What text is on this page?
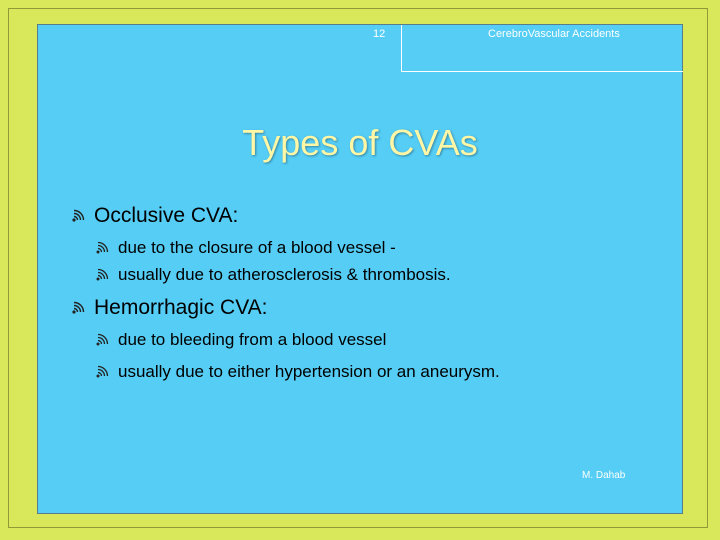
12	CerebroVascular Accidents
Types of CVAs
Occlusive CVA:
due to the closure of a blood vessel -
usually due to atherosclerosis & thrombosis.
Hemorrhagic CVA:
due to bleeding from a blood vessel
usually due to either hypertension or an aneurysm.
M. Dahab
